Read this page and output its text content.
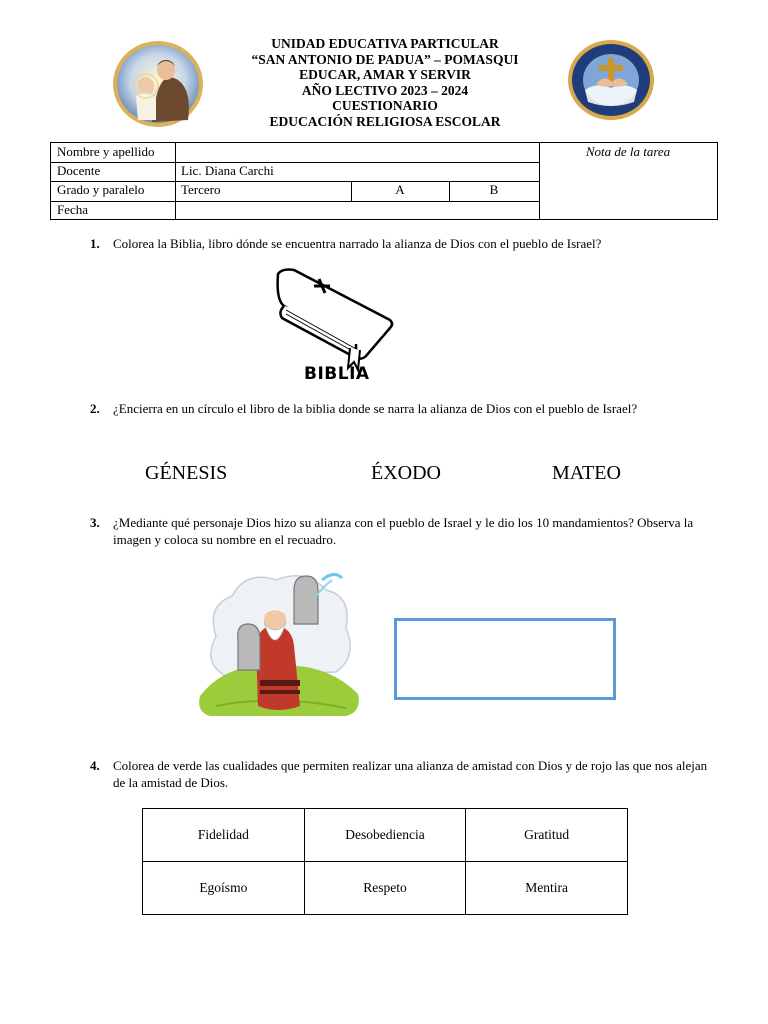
UNIDAD EDUCATIVA PARTICULAR
“SAN ANTONIO DE PADUA” – POMASQUI
EDUCAR, AMAR Y SERVIR
AÑO LECTIVO 2023 – 2024
CUESTIONARIO
EDUCACIÓN RELIGIOSA ESCOLAR
Nombre y apellido
Docente	Lic. Diana Carchi
Grado y paralelo	Tercero	A	B
Fecha
Nota de la tarea
1. Colorea la Biblia, libro dónde se encuentra narrado la alianza de Dios con el pueblo de Israel?
BIBLIA
2. ¿Encierra en un círculo el libro de la biblia donde se narra la alianza de Dios con el pueblo de Israel?
GÉNESIS	ÉXODO	MATEO
3. ¿Mediante qué personaje Dios hizo su alianza con el pueblo de Israel y le dio los 10 mandamientos? Observa la imagen y coloca su nombre en el recuadro.
4. Colorea de verde las cualidades que permiten realizar una alianza de amistad con Dios y de rojo las que nos alejan de la amistad de Dios.
Fidelidad	Desobediencia	Gratitud
Egoísmo	Respeto	Mentira
